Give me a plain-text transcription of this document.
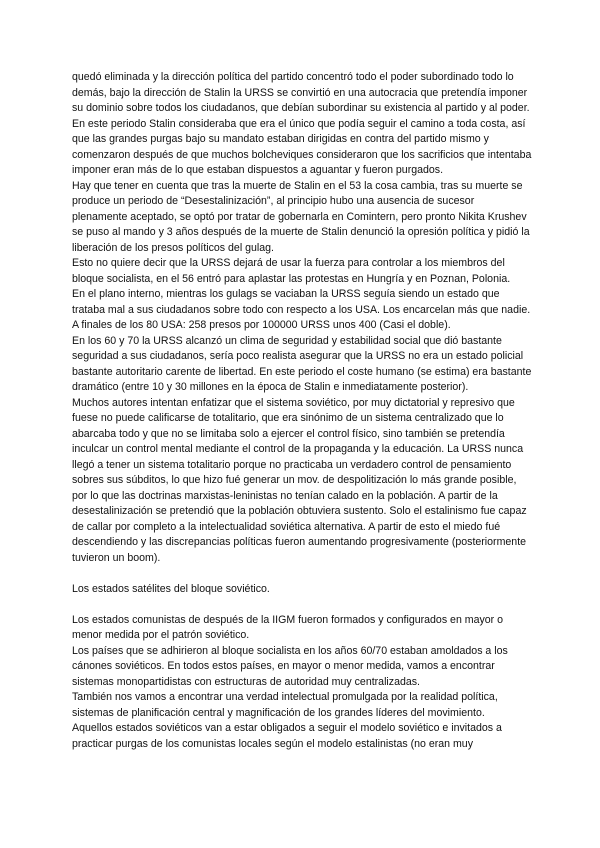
quedó eliminada y la dirección política del partido concentró todo el poder subordinado todo lo demás, bajo la dirección de Stalin la URSS se convirtió en una autocracia que pretendía imponer su dominio sobre todos los ciudadanos, que debían subordinar su existencia al partido y al poder.

En este periodo Stalin consideraba que era el único que podía seguir el camino a toda costa, así que las grandes purgas bajo su mandato estaban dirigidas en contra del partido mismo y comenzaron después de que muchos bolcheviques consideraron que los sacrificios que intentaba imponer eran más de lo que estaban dispuestos a aguantar y fueron purgados.

Hay que tener en cuenta que tras la muerte de Stalin en el 53 la cosa cambia, tras su muerte se produce un periodo de “Desestalinización”, al principio hubo una ausencia de sucesor plenamente aceptado, se optó por tratar de gobernarla en Comintern, pero pronto Nikita Krushev se puso al mando y 3 años después de la muerte de Stalin denunció la opresión política y pidió la liberación de los presos políticos del gulag.

Esto no quiere decir que la URSS dejará de usar la fuerza para controlar a los miembros del bloque socialista, en el 56 entró para aplastar las protestas en Hungría y en Poznan, Polonia.

En el plano interno, mientras los gulags se vaciaban la URSS seguía siendo un estado que trataba mal a sus ciudadanos sobre todo con respecto a los USA. Los encarcelan más que nadie. A finales de los 80 USA: 258 presos por 100000 URSS unos 400 (Casi el doble).

En los 60 y 70 la URSS alcanzó un clima de seguridad y estabilidad social que dió bastante seguridad a sus ciudadanos, sería poco realista asegurar que la URSS no era un estado policial bastante autoritario carente de libertad. En este periodo el coste humano (se estima) era bastante dramático (entre 10 y 30 millones en la época de Stalin e inmediatamente posterior).

Muchos autores intentan enfatizar que el sistema soviético, por muy dictatorial y represivo que fuese no puede calificarse de totalitario, que era sinónimo de un sistema centralizado que lo abarcaba todo y que no se limitaba solo a ejercer el control físico, sino también se pretendía inculcar un control mental mediante el control de la propaganda y la educación. La URSS nunca llegó a tener un sistema totalitario porque no practicaba un verdadero control de pensamiento sobres sus súbditos, lo que hizo fué generar un mov. de despolitización lo más grande posible, por lo que las doctrinas marxistas-leninistas no tenían calado en la población. A partir de la desestalinización se pretendió que la población obtuviera sustento. Solo el estalinismo fue capaz de callar por completo a la intelectualidad soviética alternativa. A partir de esto el miedo fué descendiendo y las discrepancias políticas fueron aumentando progresivamente (posteriormente tuvieron un boom).

Los estados satélites del bloque soviético.

Los estados comunistas de después de la IIGM fueron formados y configurados en mayor o menor medida por el patrón soviético.

Los países que se adhirieron al bloque socialista en los años 60/70 estaban amoldados a los cánones soviéticos. En todos estos países, en mayor o menor medida, vamos a encontrar sistemas monopartidistas con estructuras de autoridad muy centralizadas.

También nos vamos a encontrar una verdad intelectual promulgada por la realidad política, sistemas de planificación central y magnificación de los grandes líderes del movimiento.

Aquellos estados soviéticos van a estar obligados a seguir el modelo soviético e invitados a practicar purgas de los comunistas locales según el modelo estalinistas (no eran muy
